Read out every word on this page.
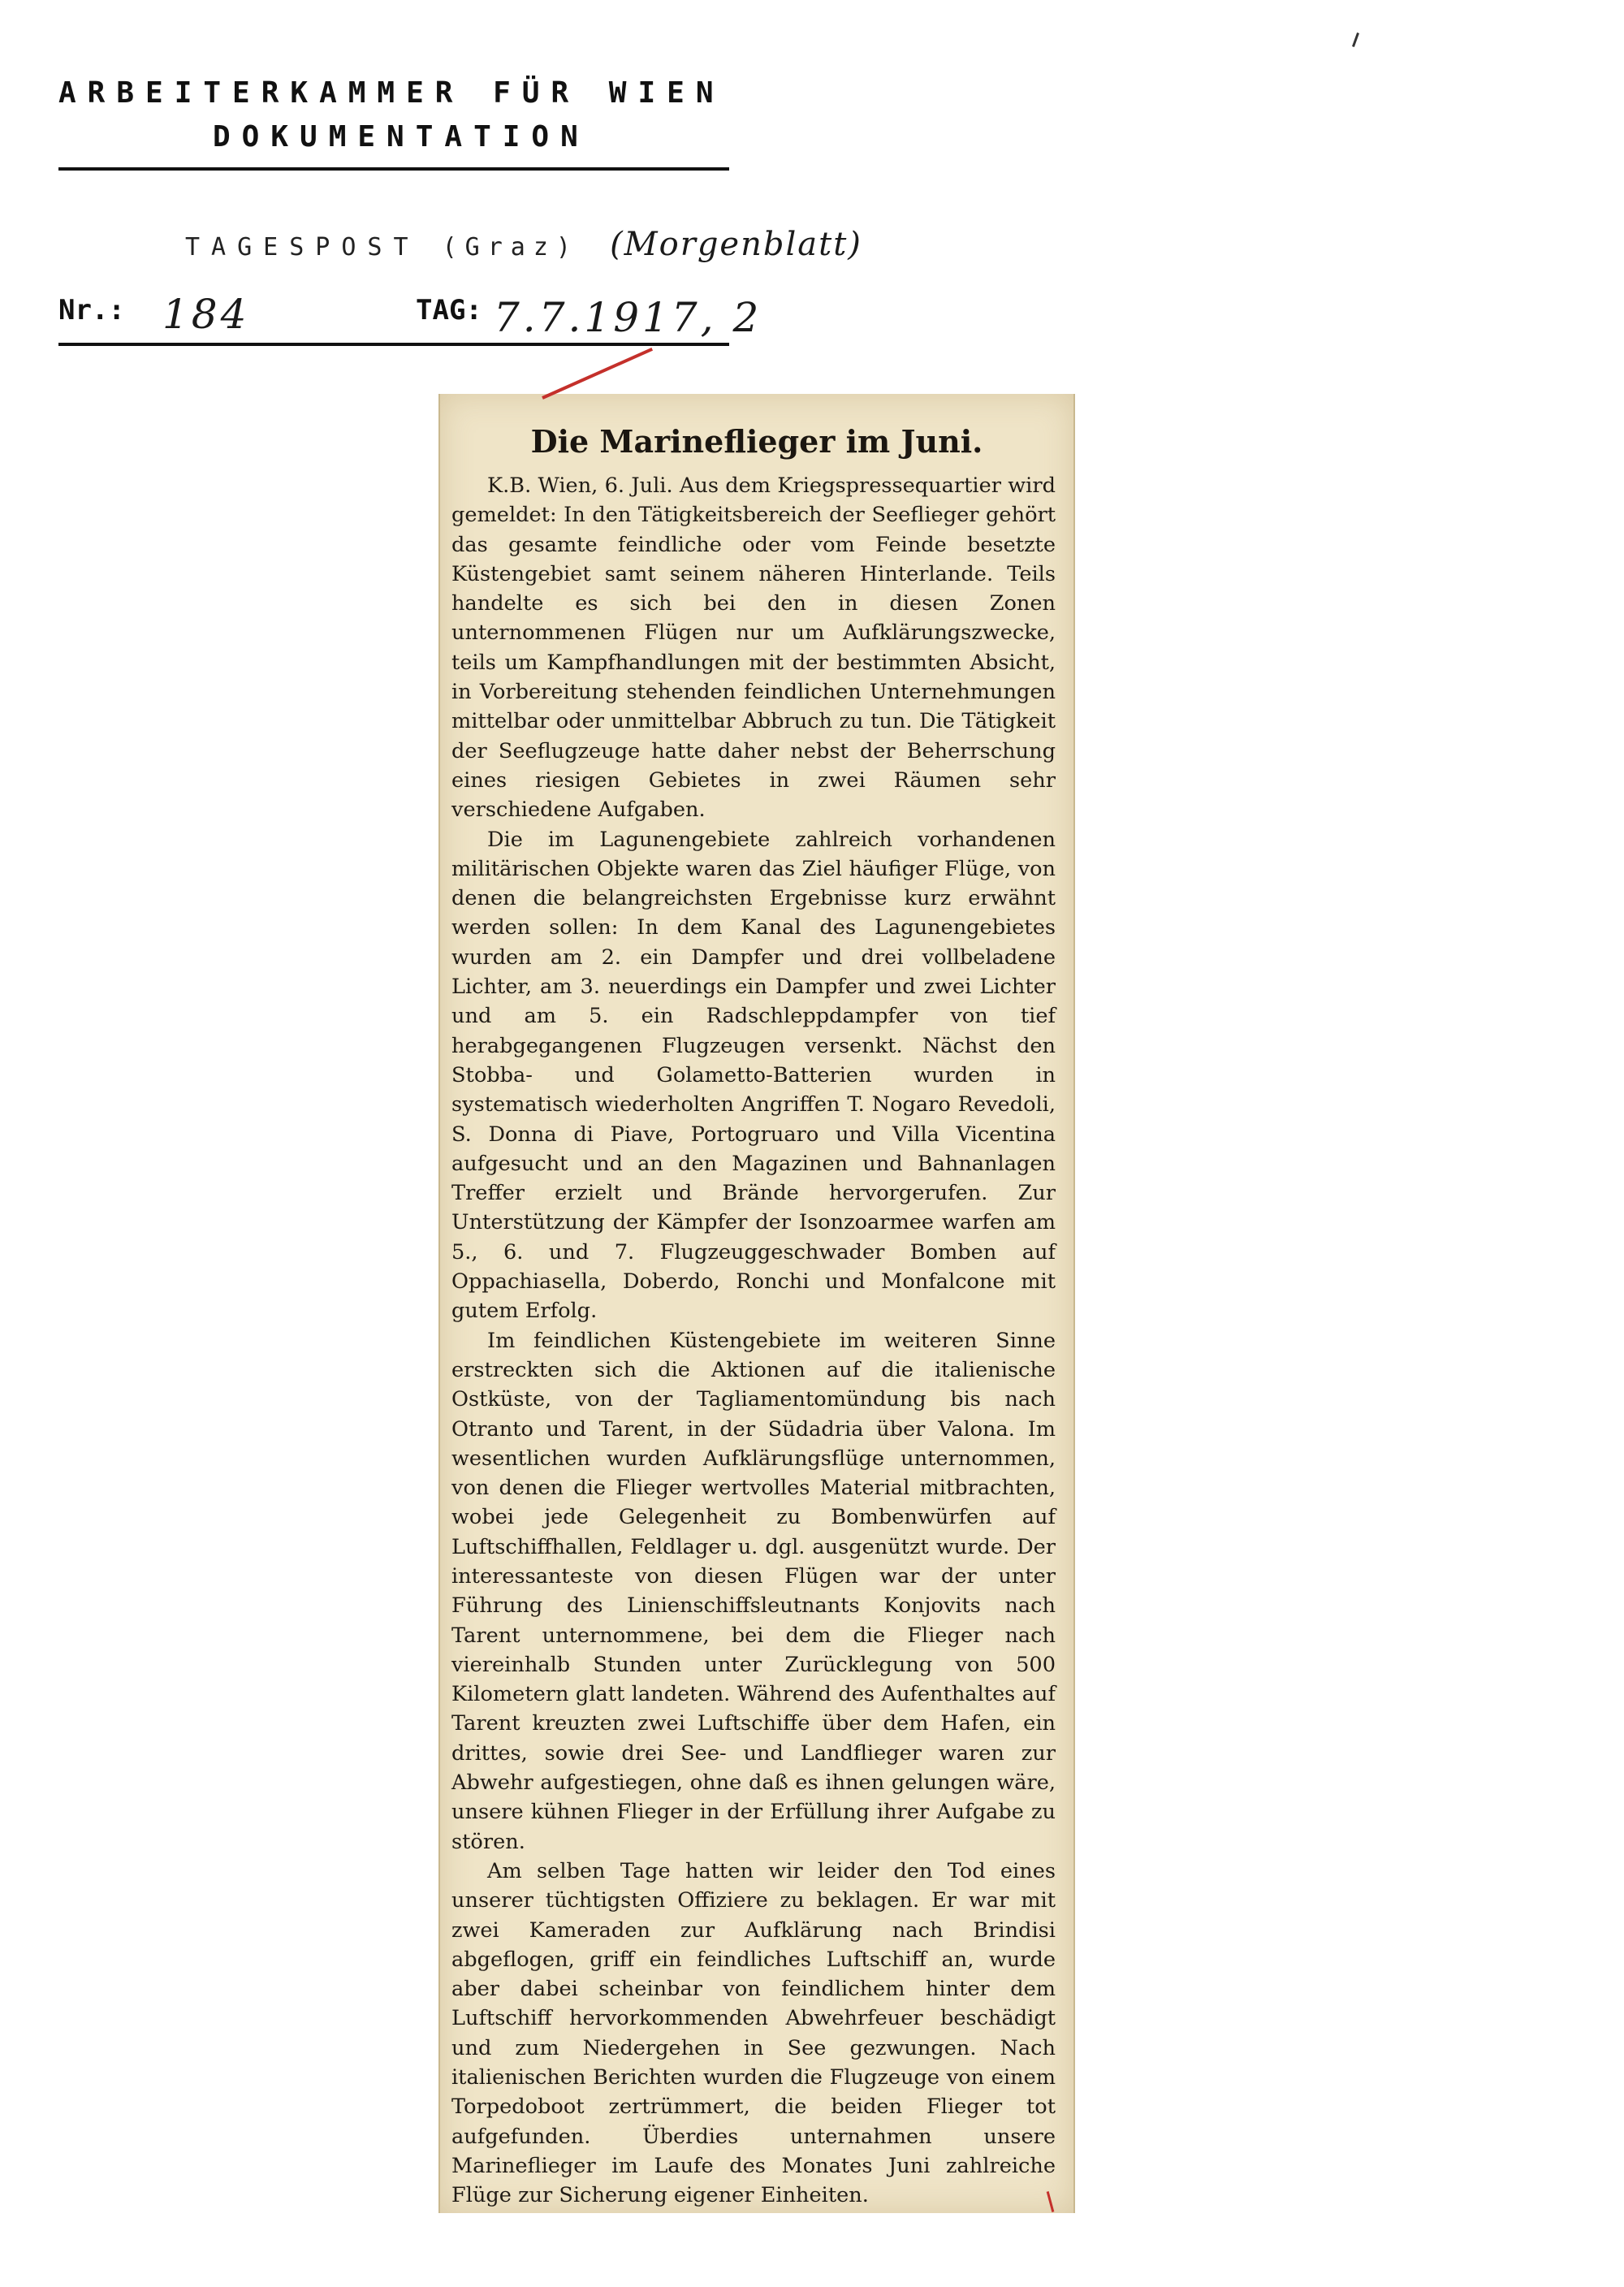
ARBEITERKAMMER FÜR WIEN
DOKUMENTATION
TAGESPOST (Graz) (Morgenblatt)
Nr.: 184	TAG: 7.7.1917, 2
Die Marineflieger im Juni.

K.B. Wien, 6. Juli. Aus dem Kriegspressequartier wird gemeldet: In den Tätigkeitsbereich der Seeflieger gehört das gesamte feindliche oder vom Feinde besetzte Küstengebiet samt seinem näheren Hinterlande. Teils handelte es sich bei den in diesen Zonen unternommenen Flügen nur um Aufklärungszwecke, teils um Kampfhandlungen mit der bestimmten Absicht, in Vorbereitung stehenden feindlichen Unternehmungen mittelbar oder unmittelbar Abbruch zu tun. Die Tätigkeit der Seeflugzeuge hatte daher nebst der Beherrschung eines riesigen Gebietes in zwei Räumen sehr verschiedene Aufgaben.

Die im Lagunengebiete zahlreich vorhandenen militärischen Objekte waren das Ziel häufiger Flüge, von denen die belangreichsten Ergebnisse kurz erwähnt werden sollen: In dem Kanal des Lagunengebietes wurden am 2. ein Dampfer und drei vollbeladene Lichter, am 3. neuerdings ein Dampfer und zwei Lichter und am 5. ein Radschleppdampfer von tief herabgegangenen Flugzeugen versenkt. Nächst den Stobba- und Golametto-Batterien wurden in systematisch wiederholten Angriffen T. Nogaro Revedoli, S. Donna di Piave, Portogruaro und Villa Vicentina aufgesucht und an den Magazinen und Bahnanlagen Treffer erzielt und Brände hervorgerufen. Zur Unterstützung der Kämpfer der Isonzoarmee warfen am 5., 6. und 7. Flugzeuggeschwader Bomben auf Oppachiasella, Doberdo, Ronchi und Monfalcone mit gutem Erfolg.

Im feindlichen Küstengebiete im weiteren Sinne erstreckten sich die Aktionen auf die italienische Ostküste, von der Tagliamentomündung bis nach Otranto und Tarent, in der Südadria über Valona. Im wesentlichen wurden Aufklärungsflüge unternommen, von denen die Flieger wertvolles Material mitbrachten, wobei jede Gelegenheit zu Bombenwürfen auf Luftschiffhallen, Feldlager u. dgl. ausgenützt wurde. Der interessanteste von diesen Flügen war der unter Führung des Linienschiffsleutnants Konjovits nach Tarent unternommene, bei dem die Flieger nach viereinhalb Stunden unter Zurücklegung von 500 Kilometern glatt landeten. Während des Aufenthaltes auf Tarent kreuzten zwei Luftschiffe über dem Hafen, ein drittes, sowie drei See- und Landflieger waren zur Abwehr aufgestiegen, ohne daß es ihnen gelungen wäre, unsere kühnen Flieger in der Erfüllung ihrer Aufgabe zu stören.

Am selben Tage hatten wir leider den Tod eines unserer tüchtigsten Offiziere zu beklagen. Er war mit zwei Kameraden zur Aufklärung nach Brindisi abgeflogen, griff ein feindliches Luftschiff an, wurde aber dabei scheinbar von feindlichem hinter dem Luftschiff hervorkommenden Abwehrfeuer beschädigt und zum Niedergehen in See gezwungen. Nach italienischen Berichten wurden die Flugzeuge von einem Torpedoboot zertrümmert, die beiden Flieger tot aufgefunden. Überdies unternahmen unsere Marineflieger im Laufe des Monates Juni zahlreiche Flüge zur Sicherung eigener Einheiten.
